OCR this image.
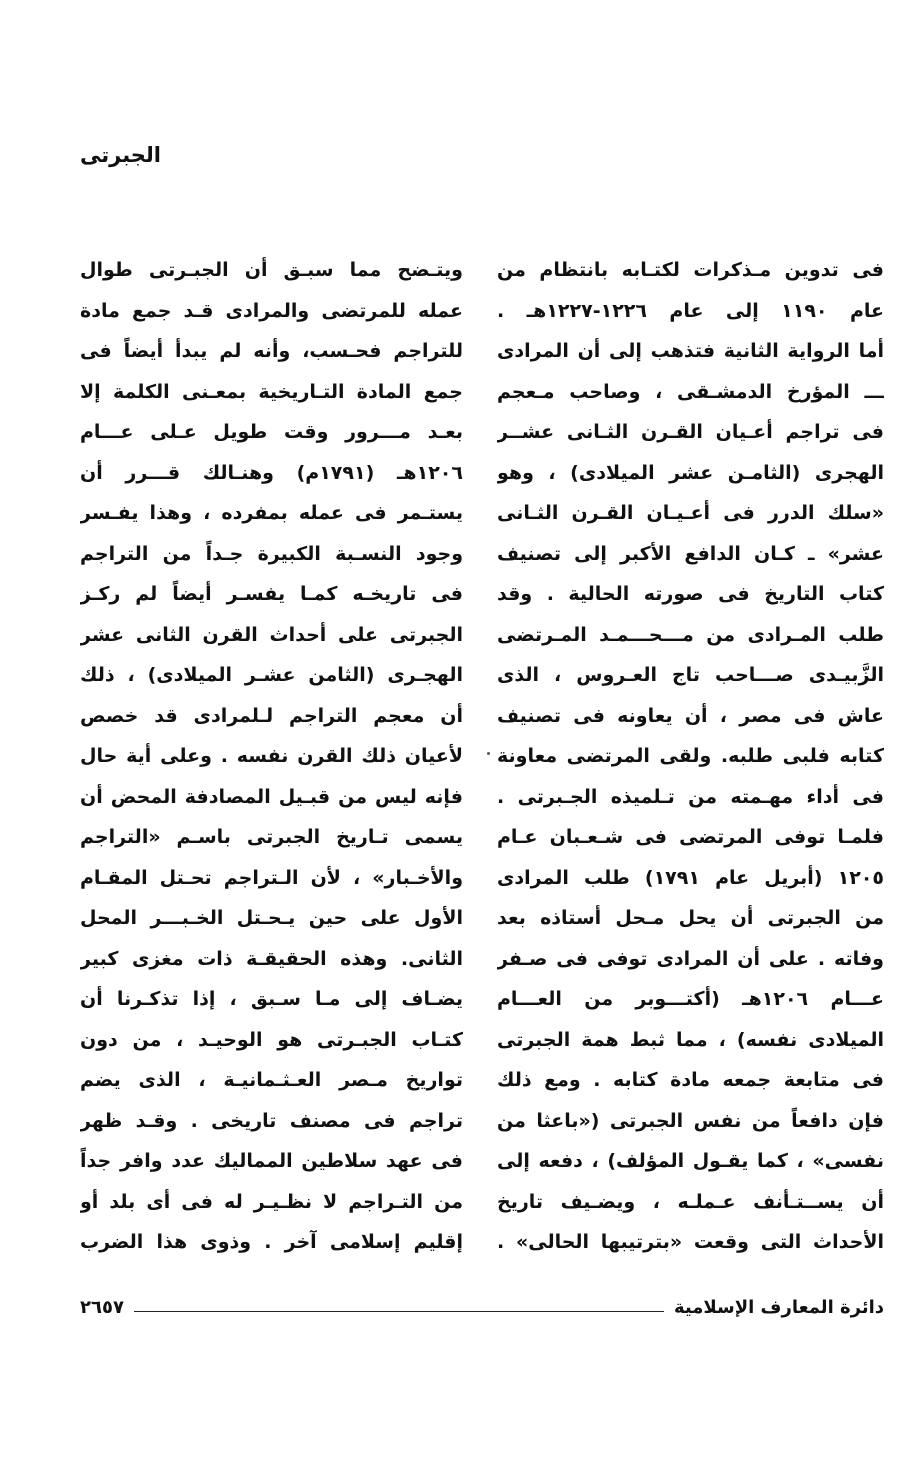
الجبرتى
فى تدوين مـذكرات لكتـابه بانتظام من
عام ١١٩٠ إلى عام ١٢٢٦-١٢٢٧هـ .
أما الرواية الثانية فتذهب إلى أن المرادى
ـــ المؤرخ الدمشـقى ، وصاحب مـعجم
فى تراجم أعـيان القـرن الثـانى عشــر
الهجرى (الثامـن عشر الميلادى) ، وهو
«سلك الدرر فى أعـيـان القـرن الثـانى
عشر» ـ كـان الدافع الأكبر إلى تصنيف
كتاب التاريخ فى صورته الحالية . وقد
طلب المـرادى من مـــحـــمـد المـرتضى
الزَّبيـدى صـــاحب تاج العـروس ، الذى
عاش فى مصر ، أن يعاونه فى تصنيف
كتابه فلبى طلبه. ولقى المرتضى معاونة
فى أداء مهـمته من تـلميذه الجـبرتى .
فلمـا توفى المرتضى فى شـعـبان عـام
١٢٠٥ (أبريل عام ١٧٩١) طلب المرادى
من الجبرتى أن يحل مـحل أستاذه بعد
وفاته . على أن المرادى توفى فى صـفر
عـــام ١٢٠٦هـ (أكتـــوبر من العـــام
الميلادى نفسه) ، مما ثبط همة الجبرتى
فى متابعة جمعه مادة كتابه . ومع ذلك
فإن دافعاً من نفس الجبرتى («باعثا من
نفسى» ، كما يقـول المؤلف) ، دفعه إلى
أن يســتـأنف عـملـه ، ويضـيف تاريخ
الأحداث التى وقعت «بترتيبها الحالى» .
ويتـضح مما سبـق أن الجبـرتى طوال
عمله للمرتضى والمرادى قـد جمع مادة
للتراجم فحـسب، وأنه لم يبدأ أيضاً فى
جمع المادة التـاريخية بمعـنى الكلمة إلا
بعـد مـــرور وقت طويل عـلى عـــام
١٢٠٦هـ (١٧٩١م) وهنـالك قـــرر أن
يستـمر فى عمله بمفرده ، وهذا يفـسر
وجود النسـبة الكبيرة جـداً من التراجم
فى تاريخـه كمـا يفسـر أيضاً لم ركـز
الجبرتى على أحداث القرن الثانى عشر
الهجـرى (الثامن عشـر الميلادى) ، ذلك
أن معجم التراجم لـلمرادى قد خصص
لأعيان ذلك القرن نفسه . وعلى أية حال
فإنه ليس من قبـيل المصادفة المحض أن
يسمى تـاريخ الجبرتى باسـم «التراجم
والأخـبار» ، لأن الـتراجم تحـتل المقـام
الأول على حين يـحـتل الخـبـــر المحل
الثانى. وهذه الحقيقـة ذات مغزى كبير
يضـاف إلى مـا سـبق ، إذا تذكـرنا أن
كتـاب الجبـرتى هو الوحيـد ، من دون
تواريخ مـصر العـثـمانيـة ، الذى يضم
تراجم فى مصنف تاريخى . وقـد ظهر
فى عهد سلاطين المماليك عدد وافر جداً
من التـراجم لا نظـيـر له فى أى بلد أو
إقليم إسلامى آخر . وذوى هذا الضرب
دائرة المعارف الإسلامية
٢٦٥٧
